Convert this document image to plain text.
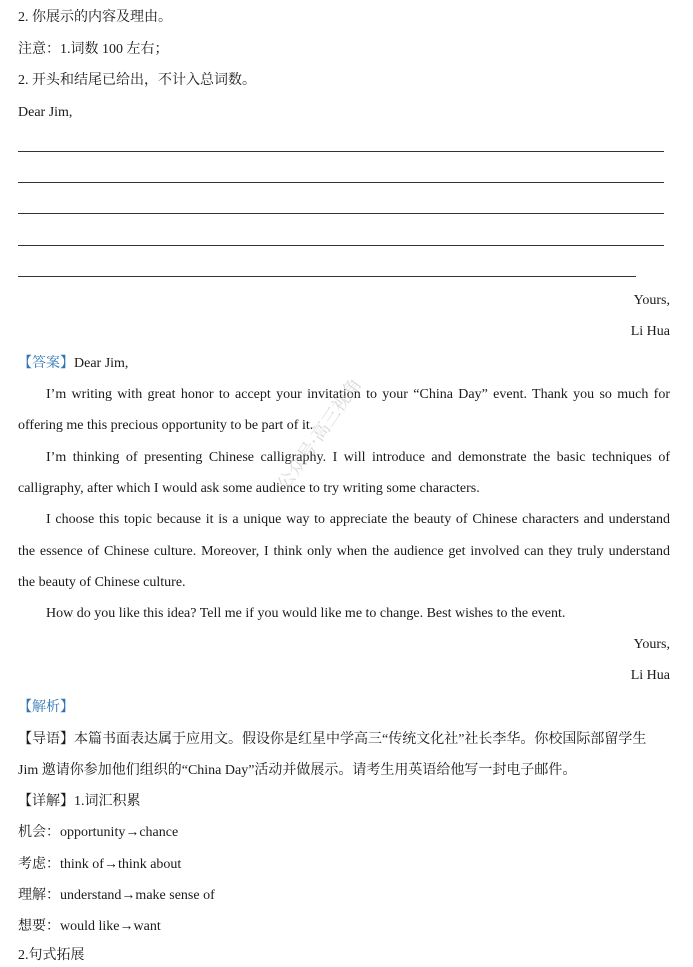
2. 你展示的内容及理由。
注意：1.词数 100 左右；
2. 开头和结尾已给出，不计入总词数。
Dear Jim,
Yours,
Li Hua
【答案】Dear Jim,
I’m writing with great honor to accept your invitation to your “China Day” event. Thank you so much for
offering me this precious opportunity to be part of it.
I’m thinking of presenting Chinese calligraphy. I will introduce and demonstrate the basic techniques of
calligraphy, after which I would ask some audience to try writing some characters.
I choose this topic because it is a unique way to appreciate the beauty of Chinese characters and understand
the essence of Chinese culture. Moreover, I think only when the audience get involved can they truly understand
the beauty of Chinese culture.
How do you like this idea? Tell me if you would like me to change. Best wishes to the event.
Yours,
Li Hua
【解析】
【导语】本篇书面表达属于应用文。假设你是红星中学高三“传统文化社”社长李华。你校国际部留学生
Jim 邀请你参加他们组织的“China Day”活动并做展示。请考生用英语给他写一封电子邮件。
【详解】1.词汇积累
机会：opportunity→chance
考虑：think of→think about
理解：understand→make sense of
想要：would like→want
2.句式拓展
公众号·高三视角
